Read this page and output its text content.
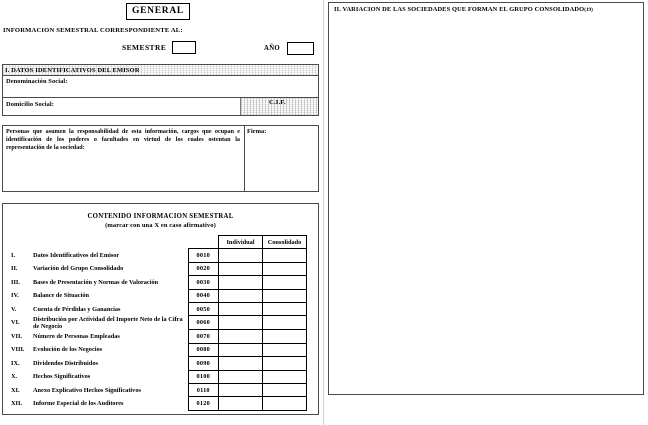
GENERAL
INFORMACION SEMESTRAL CORRESPONDIENTE AL:
SEMESTRE	AÑO
I. DATOS IDENTIFICATIVOS DEL EMISOR
Denominación Social:
Domicilio Social:	C.I.F.
Personas que asumen la responsabilidad de esta información, cargos que ocupan e identificación de los poderes o facultades en virtud de los cuales ostentan la representación de la sociedad:
Firma:
CONTENIDO INFORMACION SEMESTRAL
(marcar con una X en caso afirmativo)
			Individual	Consolidado
I.	Datos Identificativos del Emisor	0010		
II.	Variación del Grupo Consolidado	0020		
III.	Bases de Presentación y Normas de Valoración	0030		
IV.	Balance de Situación	0040		
V.	Cuenta de Pérdidas y Ganancias	0050		
VI.	Distribución por Actividad del Importe Neto de la Cifra de Negocio	0060		
VII.	Número de Personas Empleadas	0070		
VIII.	Evolución de los Negocios	0080		
IX.	Dividendos Distribuidos	0090		
X.	Hechos Significativos	0100		
XI.	Anexo Explicativo Hechos Significativos	0110		
XII.	Informe Especial de los Auditores	0120		
II. VARIACION DE LAS SOCIEDADES QUE FORMAN EL GRUPO CONSOLIDADO(19)
